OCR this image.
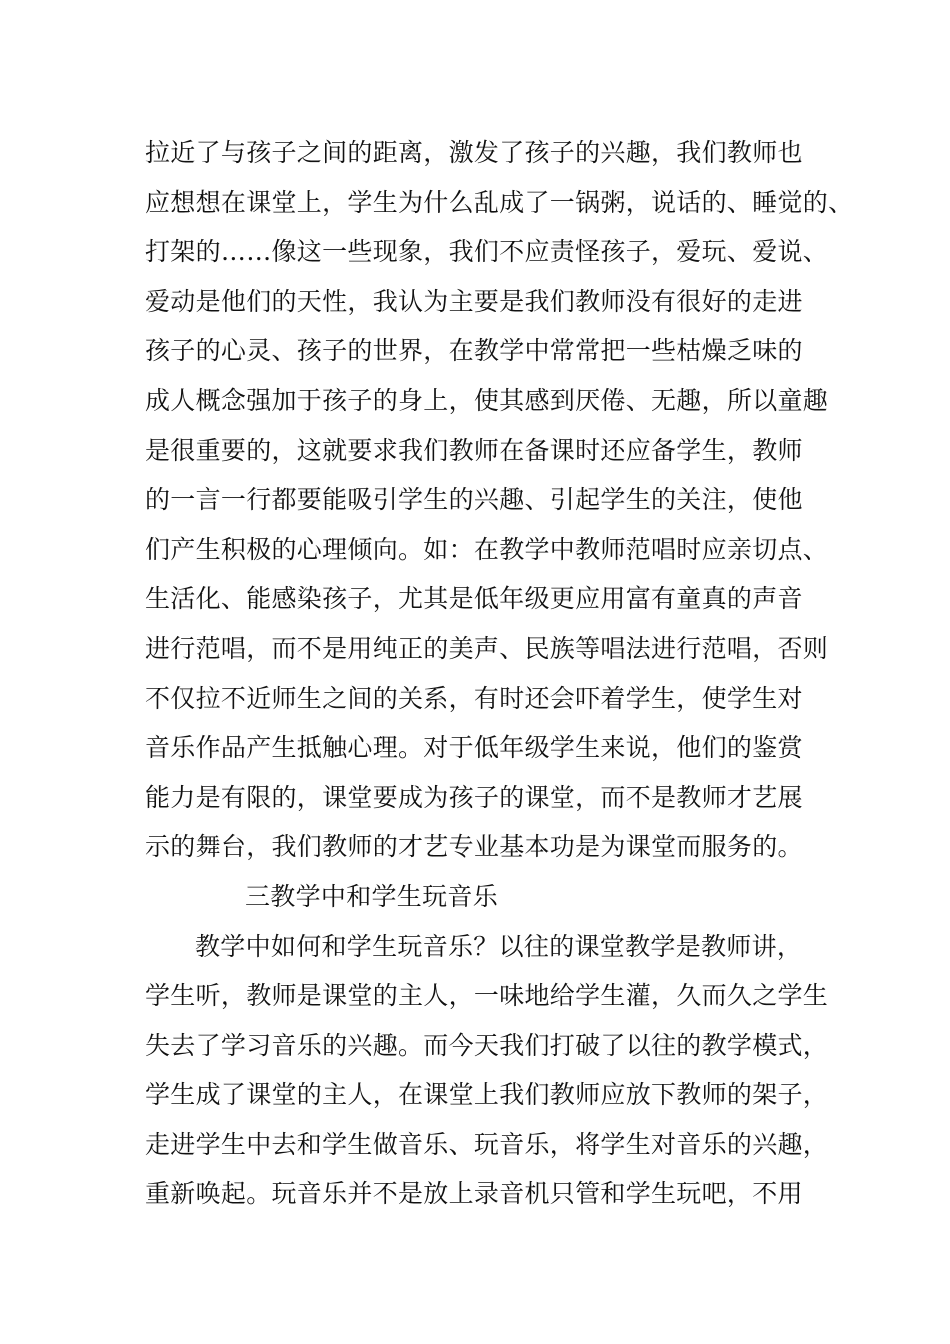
拉近了与孩子之间的距离，激发了孩子的兴趣，我们教师也
应想想在课堂上，学生为什么乱成了一锅粥，说话的、睡觉的、
打架的……像这一些现象，我们不应责怪孩子，爱玩、爱说、
爱动是他们的天性，我认为主要是我们教师没有很好的走进
孩子的心灵、孩子的世界，在教学中常常把一些枯燥乏味的
成人概念强加于孩子的身上，使其感到厌倦、无趣，所以童趣
是很重要的，这就要求我们教师在备课时还应备学生，教师
的一言一行都要能吸引学生的兴趣、引起学生的关注，使他
们产生积极的心理倾向。如：在教学中教师范唱时应亲切点、
生活化、能感染孩子，尤其是低年级更应用富有童真的声音
进行范唱，而不是用纯正的美声、民族等唱法进行范唱，否则
不仅拉不近师生之间的关系，有时还会吓着学生，使学生对
音乐作品产生抵触心理。对于低年级学生来说，他们的鉴赏
能力是有限的，课堂要成为孩子的课堂，而不是教师才艺展
示的舞台，我们教师的才艺专业基本功是为课堂而服务的。
三教学中和学生玩音乐
教学中如何和学生玩音乐？以往的课堂教学是教师讲，
学生听，教师是课堂的主人，一味地给学生灌，久而久之学生
失去了学习音乐的兴趣。而今天我们打破了以往的教学模式，
学生成了课堂的主人，在课堂上我们教师应放下教师的架子，
走进学生中去和学生做音乐、玩音乐，将学生对音乐的兴趣，
重新唤起。玩音乐并不是放上录音机只管和学生玩吧，不用
